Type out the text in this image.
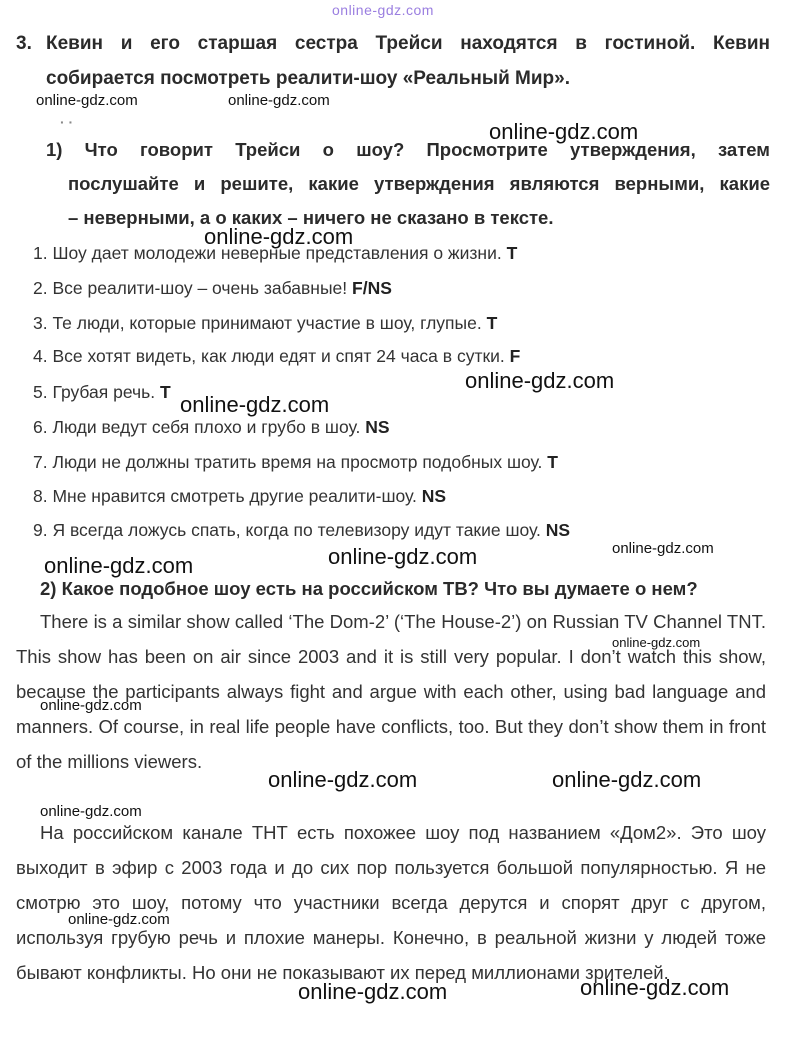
online-gdz.com
3. Кевин и его старшая сестра Трейси находятся в гостиной. Кевин
собирается посмотреть реалити-шоу «Реальный Мир».
· ·
1) Что говорит Трейси о шоу? Просмотрите утверждения, затем
послушайте и решите, какие утверждения являются верными, какие
– неверными, а о каких – ничего не сказано в тексте.
1. Шоу дает молодежи неверные представления о жизни. T
2. Все реалити-шоу – очень забавные! F/NS
3. Те люди, которые принимают участие в шоу, глупые. T
4. Все хотят видеть, как люди едят и спят 24 часа в сутки. F
5. Грубая речь. T
6. Люди ведут себя плохо и грубо в шоу. NS
7. Люди не должны тратить время на просмотр подобных шоу. T
8. Мне нравится смотреть другие реалити-шоу. NS
9. Я всегда ложусь спать, когда по телевизору идут такие шоу. NS
2) Какое подобное шоу есть на российском ТВ? Что вы думаете о нем?

There is a similar show called ‘The Dom-2’ (‘The House-2’) on Russian TV Channel TNT. This show has been on air since 2003 and it is still very popular. I don’t watch this show, because the participants always fight and argue with each other, using bad language and manners. Of course, in real life people have conflicts, too. But they don’t show them in front of the millions viewers.

На российском канале ТНТ есть похожее шоу под названием «Дом2». Это шоу выходит в эфир с 2003 года и до сих пор пользуется большой популярностью. Я не смотрю это шоу, потому что участники всегда дерутся и спорят друг с другом, используя грубую речь и плохие манеры. Конечно, в реальной жизни у людей тоже бывают конфликты. Но они не показывают их перед миллионами зрителей.

online-gdz.com	online-gdz.com
online-gdz.com
online-gdz.com
online-gdz.com
online-gdz.com
online-gdz.com	online-gdz.com	online-gdz.com
online-gdz.com
online-gdz.com
online-gdz.com	online-gdz.com
online-gdz.com
online-gdz.com
online-gdz.com	online-gdz.com
